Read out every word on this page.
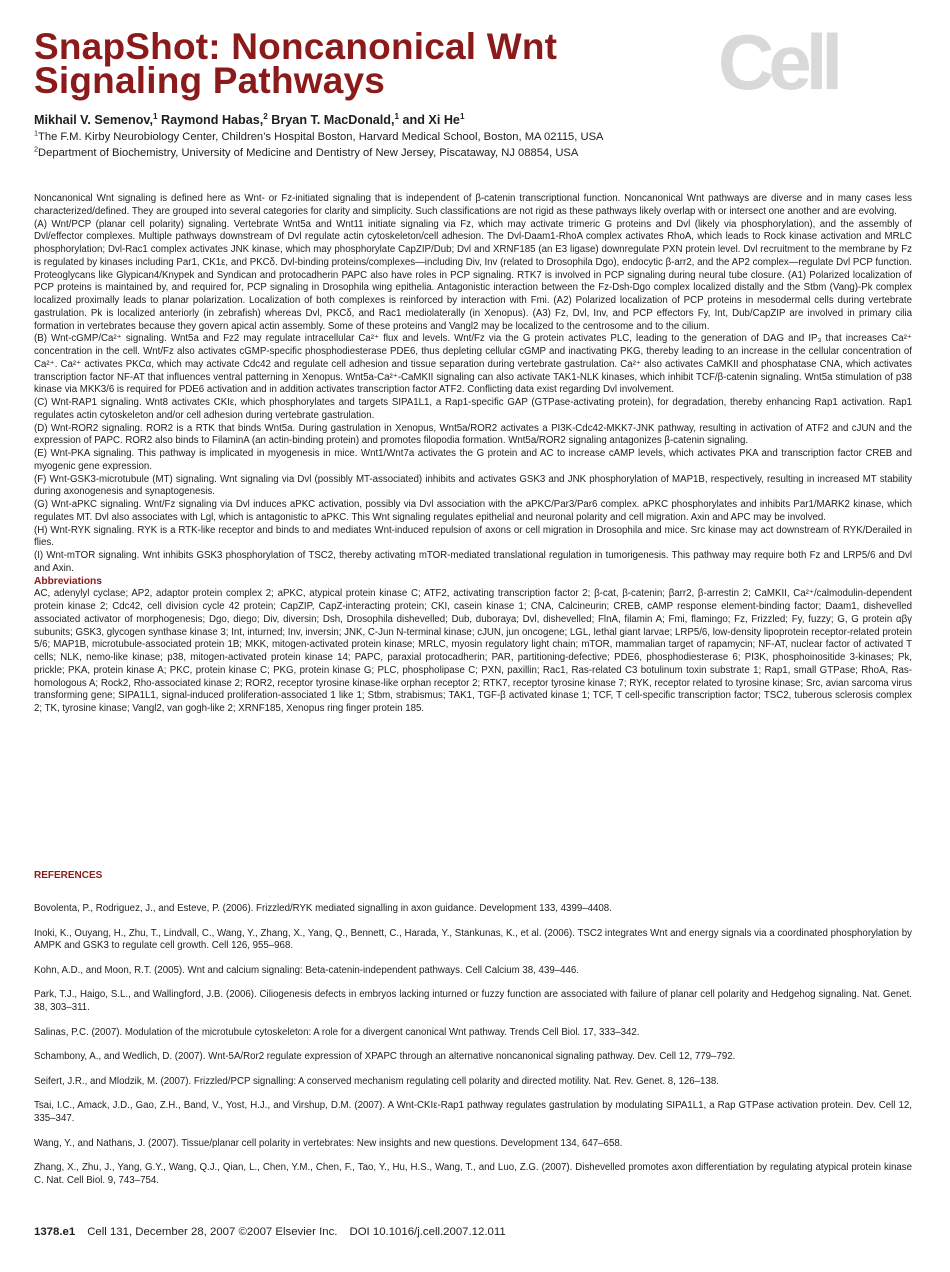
SnapShot: Noncanonical Wnt
Signaling Pathways	Cell
Mikhail V. Semenov,$^1$ Raymond Habas,$^2$ Bryan T. MacDonald,$^1$ and Xi He$^1$
$^1$The F.M. Kirby Neurobiology Center, Children’s Hospital Boston, Harvard Medical School, Boston, MA 02115, USA
$^2$Department of Biochemistry, University of Medicine and Dentistry of New Jersey, Piscataway, NJ 08854, USA

Noncanonical Wnt signaling is defined here as Wnt- or Fz-initiated signaling that is independent of β-catenin transcriptional function. Noncanonical Wnt pathways are diverse and in many cases less characterized/defined. They are grouped into several categories for clarity and simplicity. Such classifications are not rigid as these pathways likely overlap with or intersect one another and are evolving.

(A) Wnt/PCP (planar cell polarity) signaling. Vertebrate Wnt5a and Wnt11 initiate signaling via Fz, which may activate trimeric G proteins and Dvl (likely via phosphorylation), and the assembly of Dvl/effector complexes. Multiple pathways downstream of Dvl regulate actin cytoskeleton/cell adhesion. The Dvl-Daam1-RhoA complex activates RhoA, which leads to Rock kinase activation and MRLC phosphorylation; Dvl-Rac1 complex activates JNK kinase, which may phosphorylate CapZIP/Dub; Dvl and XRNF185 (an E3 ligase) downregulate PXN protein level. Dvl recruitment to the membrane by Fz is regulated by kinases including Par1, CK1ε, and PKCδ. Dvl-binding proteins/complexes—including Div, Inv (related to Drosophila Dgo), endocytic β-arr2, and the AP2 complex—regulate Dvl PCP function. Proteoglycans like Glypican4/Knypek and Syndican and protocadherin PAPC also have roles in PCP signaling. RTK7 is involved in PCP signaling during neural tube closure. (A1) Polarized localization of PCP proteins is maintained by, and required for, PCP signaling in Drosophila wing epithelia. Antagonistic interaction between the Fz-Dsh-Dgo complex localized distally and the Stbm (Vang)-Pk complex localized proximally leads to planar polarization. Localization of both complexes is reinforced by interaction with Fmi. (A2) Polarized localization of PCP proteins in mesodermal cells during vertebrate gastrulation. Pk is localized anteriorly (in zebrafish) whereas Dvl, PKCδ, and Rac1 mediolaterally (in Xenopus). (A3) Fz, Dvl, Inv, and PCP effectors Fy, Int, Dub/CapZIP are involved in primary cilia formation in vertebrates because they govern apical actin assembly. Some of these proteins and Vangl2 may be localized to the centrosome and to the cilium.

(B) Wnt-cGMP/Ca²⁺ signaling. Wnt5a and Fz2 may regulate intracellular Ca²⁺ flux and levels. Wnt/Fz via the G protein activates PLC, leading to the generation of DAG and IP₃ that increases Ca²⁺ concentration in the cell. Wnt/Fz also activates cGMP-specific phosphodiesterase PDE6, thus depleting cellular cGMP and inactivating PKG, thereby leading to an increase in the cellular concentration of Ca²⁺. Ca²⁺ activates PKCα, which may activate Cdc42 and regulate cell adhesion and tissue separation during vertebrate gastrulation. Ca²⁺ also activates CaMKII and phosphatase CNA, which activates transcription factor NF-AT that influences ventral patterning in Xenopus. Wnt5a-Ca²⁺-CaMKII signaling can also activate TAK1-NLK kinases, which inhibit TCF/β-catenin signaling. Wnt5a stimulation of p38 kinase via MKK3/6 is required for PDE6 activation and in addition activates transcription factor ATF2. Conflicting data exist regarding Dvl involvement.

(C) Wnt-RAP1 signaling. Wnt8 activates CKIε, which phosphorylates and targets SIPA1L1, a Rap1-specific GAP (GTPase-activating protein), for degradation, thereby enhancing Rap1 activation. Rap1 regulates actin cytoskeleton and/or cell adhesion during vertebrate gastrulation.

(D) Wnt-ROR2 signaling. ROR2 is a RTK that binds Wnt5a. During gastrulation in Xenopus, Wnt5a/ROR2 activates a PI3K-Cdc42-MKK7-JNK pathway, resulting in activation of ATF2 and cJUN and the expression of PAPC. ROR2 also binds to FilaminA (an actin-binding protein) and promotes filopodia formation. Wnt5a/ROR2 signaling antagonizes β-catenin signaling.

(E) Wnt-PKA signaling. This pathway is implicated in myogenesis in mice. Wnt1/Wnt7a activates the G protein and AC to increase cAMP levels, which activates PKA and transcription factor CREB and myogenic gene expression.

(F) Wnt-GSK3-microtubule (MT) signaling. Wnt signaling via Dvl (possibly MT-associated) inhibits and activates GSK3 and JNK phosphorylation of MAP1B, respectively, resulting in increased MT stability during axonogenesis and synaptogenesis.

(G) Wnt-aPKC signaling. Wnt/Fz signaling via Dvl induces aPKC activation, possibly via Dvl association with the aPKC/Par3/Par6 complex. aPKC phosphorylates and inhibits Par1/MARK2 kinase, which regulates MT. Dvl also associates with Lgl, which is antagonistic to aPKC. This Wnt signaling regulates epithelial and neuronal polarity and cell migration. Axin and APC may be involved.

(H) Wnt-RYK signaling. RYK is a RTK-like receptor and binds to and mediates Wnt-induced repulsion of axons or cell migration in Drosophila and mice. Src kinase may act downstream of RYK/Derailed in flies.

(I) Wnt-mTOR signaling. Wnt inhibits GSK3 phosphorylation of TSC2, thereby activating mTOR-mediated translational regulation in tumorigenesis. This pathway may require both Fz and LRP5/6 and Dvl and Axin.

Abbreviations

AC, adenylyl cyclase; AP2, adaptor protein complex 2; aPKC, atypical protein kinase C; ATF2, activating transcription factor 2; β-cat, β-catenin; βarr2, β-arrestin 2; CaMKII, Ca²⁺/calmodulin-dependent protein kinase 2; Cdc42, cell division cycle 42 protein; CapZIP, CapZ-interacting protein; CKI, casein kinase 1; CNA, Calcineurin; CREB, cAMP response element-binding factor; Daam1, dishevelled associated activator of morphogenesis; Dgo, diego; Div, diversin; Dsh, Drosophila dishevelled; Dub, duboraya; Dvl, dishevelled; FlnA, filamin A; Fmi, flamingo; Fz, Frizzled; Fy, fuzzy; G, G protein αβγ subunits; GSK3, glycogen synthase kinase 3; Int, inturned; Inv, inversin; JNK, C-Jun N-terminal kinase; cJUN, jun oncogene; LGL, lethal giant larvae; LRP5/6, low-density lipoprotein receptor-related protein 5/6; MAP1B, microtubule-associated protein 1B; MKK, mitogen-activated protein kinase; MRLC, myosin regulatory light chain; mTOR, mammalian target of rapamycin; NF-AT, nuclear factor of activated T cells; NLK, nemo-like kinase; p38, mitogen-activated protein kinase 14; PAPC, paraxial protocadherin; PAR, partitioning-defective; PDE6, phosphodiesterase 6; PI3K, phosphoinositide 3-kinases; Pk, prickle; PKA, protein kinase A; PKC, protein kinase C; PKG, protein kinase G; PLC, phospholipase C; PXN, paxillin; Rac1, Ras-related C3 botulinum toxin substrate 1; Rap1, small GTPase; RhoA, Ras-homologous A; Rock2, Rho-associated kinase 2; ROR2, receptor tyrosine kinase-like orphan receptor 2; RTK7, receptor tyrosine kinase 7; RYK, receptor related to tyrosine kinase; Src, avian sarcoma virus transforming gene; SIPA1L1, signal-induced proliferation-associated 1 like 1; Stbm, strabismus; TAK1, TGF-β activated kinase 1; TCF, T cell-specific transcription factor; TSC2, tuberous sclerosis complex 2; TK, tyrosine kinase; Vangl2, van gogh-like 2; XRNF185, Xenopus ring finger protein 185.

REFERENCES

Bovolenta, P., Rodriguez, J., and Esteve, P. (2006). Frizzled/RYK mediated signalling in axon guidance. Development 133, 4399–4408.

Inoki, K., Ouyang, H., Zhu, T., Lindvall, C., Wang, Y., Zhang, X., Yang, Q., Bennett, C., Harada, Y., Stankunas, K., et al. (2006). TSC2 integrates Wnt and energy signals via a coordinated phosphorylation by AMPK and GSK3 to regulate cell growth. Cell 126, 955–968.

Kohn, A.D., and Moon, R.T. (2005). Wnt and calcium signaling: Beta-catenin-independent pathways. Cell Calcium 38, 439–446.

Park, T.J., Haigo, S.L., and Wallingford, J.B. (2006). Ciliogenesis defects in embryos lacking inturned or fuzzy function are associated with failure of planar cell polarity and Hedgehog signaling. Nat. Genet. 38, 303–311.

Salinas, P.C. (2007). Modulation of the microtubule cytoskeleton: A role for a divergent canonical Wnt pathway. Trends Cell Biol. 17, 333–342.

Schambony, A., and Wedlich, D. (2007). Wnt-5A/Ror2 regulate expression of XPAPC through an alternative noncanonical signaling pathway. Dev. Cell 12, 779–792.

Seifert, J.R., and Mlodzik, M. (2007). Frizzled/PCP signalling: A conserved mechanism regulating cell polarity and directed motility. Nat. Rev. Genet. 8, 126–138.

Tsai, I.C., Amack, J.D., Gao, Z.H., Band, V., Yost, H.J., and Virshup, D.M. (2007). A Wnt-CKIε-Rap1 pathway regulates gastrulation by modulating SIPA1L1, a Rap GTPase activation protein. Dev. Cell 12, 335–347.

Wang, Y., and Nathans, J. (2007). Tissue/planar cell polarity in vertebrates: New insights and new questions. Development 134, 647–658.

Zhang, X., Zhu, J., Yang, G.Y., Wang, Q.J., Qian, L., Chen, Y.M., Chen, F., Tao, Y., Hu, H.S., Wang, T., and Luo, Z.G. (2007). Dishevelled promotes axon differentiation by regulating atypical protein kinase C. Nat. Cell Biol. 9, 743–754.

1378.e1 Cell 131, December 28, 2007 ©2007 Elsevier Inc. DOI 10.1016/j.cell.2007.12.011
